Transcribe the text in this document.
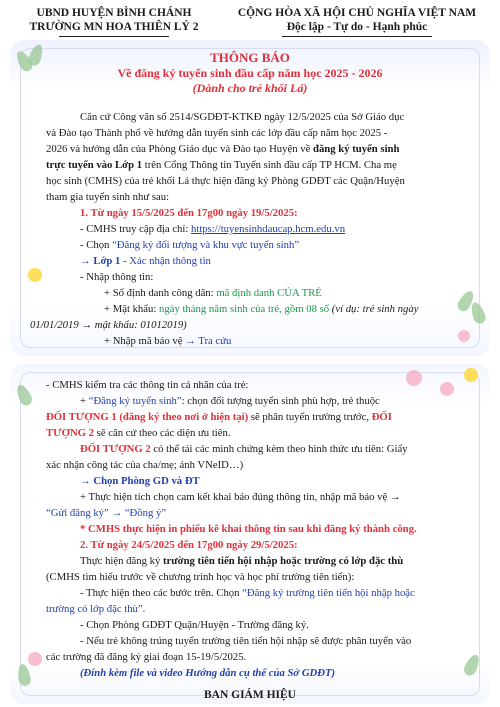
UBND HUYỆN BÌNH CHÁNH
TRƯỜNG MN HOA THIÊN LÝ 2
CỘNG HÒA XÃ HỘI CHỦ NGHĨA VIỆT NAM
Độc lập - Tự do - Hạnh phúc
THÔNG BÁO
Về đăng ký tuyển sinh đầu cấp năm học 2025 - 2026
(Dành cho trẻ khối Lá)
Căn cứ Công văn số 2514/SGDĐT-KTKĐ ngày 12/5/2025 của Sở Giáo dục
và Đào tạo Thành phố về hướng dẫn tuyển sinh các lớp đầu cấp năm học 2025 -
2026 và hướng dẫn của Phòng Giáo dục và Đào tạo Huyện về đăng ký tuyển sinh
trực tuyến vào Lớp 1 trên Cổng Thông tin Tuyển sinh đầu cấp TP HCM. Cha mẹ
học sinh (CMHS) của trẻ khối Lá thực hiện đăng ký Phòng GDĐT các Quận/Huyện
tham gia tuyển sinh như sau:
1. Từ ngày 15/5/2025 đến 17g00 ngày 19/5/2025:
- CMHS truy cập địa chỉ: https://tuyensinhdaucap.hcm.edu.vn
- Chọn “Đăng ký đối tượng và khu vực tuyển sinh”
→ Lớp 1 - Xác nhận thông tin
- Nhập thông tin:
+ Số định danh công dân: mã định danh CỦA TRẺ
+ Mật khẩu: ngày tháng năm sinh của trẻ, gồm 08 số (ví dụ: trẻ sinh ngày
01/01/2019 → mật khẩu: 01012019)
+ Nhập mã bảo vệ → Tra cứu
- CMHS kiểm tra các thông tin cá nhân của trẻ:
+ “Đăng ký tuyển sinh”: chọn đối tượng tuyển sinh phù hợp, trẻ thuộc
ĐỐI TƯỢNG 1 (đăng ký theo nơi ở hiện tại) sẽ phân tuyến trường trước, ĐỐI
TƯỢNG 2 sẽ căn cứ theo các diện ưu tiên.
ĐỐI TƯỢNG 2 có thể tải các minh chứng kèm theo hình thức ưu tiên: Giấy
xác nhận công tác của cha/mẹ; ảnh VNeID…)
→ Chọn Phòng GD và ĐT
+ Thực hiện tích chọn cam kết khai báo đúng thông tin, nhập mã bảo vệ →
“Gửi đăng ký” → “Đồng ý”
* CMHS thực hiện in phiếu kê khai thông tin sau khi đăng ký thành công.
2. Từ ngày 24/5/2025 đến 17g00 ngày 29/5/2025:
Thực hiện đăng ký trường tiên tiến hội nhập hoặc trường có lớp đặc thù
(CMHS tìm hiểu trước về chương trình học và học phí trường tiên tiến):
- Thực hiện theo các bước trên. Chọn “Đăng ký trường tiên tiến hội nhập hoặc
trường có lớp đặc thù”.
- Chọn Phòng GDĐT Quận/Huyện - Trường đăng ký.
- Nếu trẻ không trúng tuyển trường tiên tiến hội nhập sẽ được phân tuyến vào
các trường đã đăng ký giai đoạn 15-19/5/2025.
(Đính kèm file và video Hướng dẫn cụ thể của Sở GDĐT)
BAN GIÁM HIỆU
